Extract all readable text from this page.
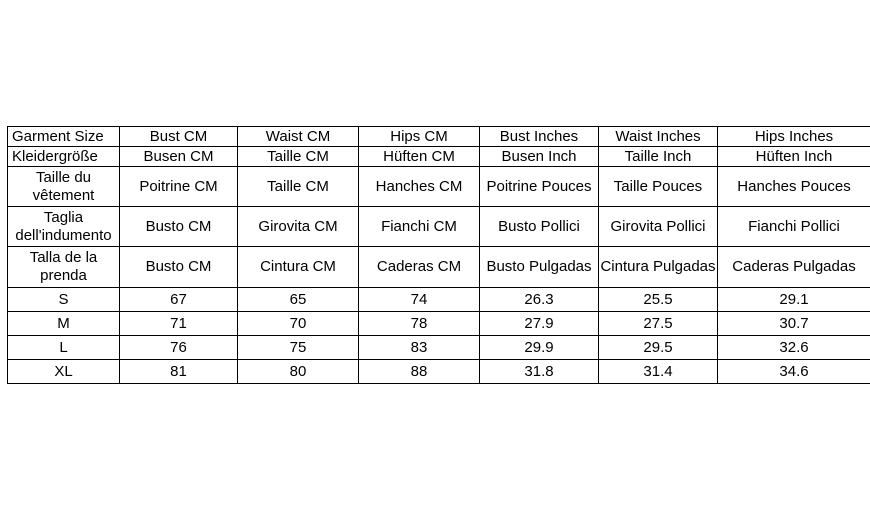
Garment Size	Bust CM	Waist CM	Hips CM	Bust Inches	Waist Inches	Hips Inches
Kleidergröße	Busen CM	Taille CM	Hüften CM	Busen Inch	Taille Inch	Hüften Inch
Taille du vêtement	Poitrine CM	Taille CM	Hanches CM	Poitrine Pouces	Taille Pouces	Hanches Pouces
Taglia dell'indumento	Busto CM	Girovita CM	Fianchi CM	Busto Pollici	Girovita Pollici	Fianchi Pollici
Talla de la prenda	Busto CM	Cintura CM	Caderas CM	Busto Pulgadas	Cintura Pulgadas	Caderas Pulgadas
S	67	65	74	26.3	25.5	29.1
M	71	70	78	27.9	27.5	30.7
L	76	75	83	29.9	29.5	32.6
XL	81	80	88	31.8	31.4	34.6
